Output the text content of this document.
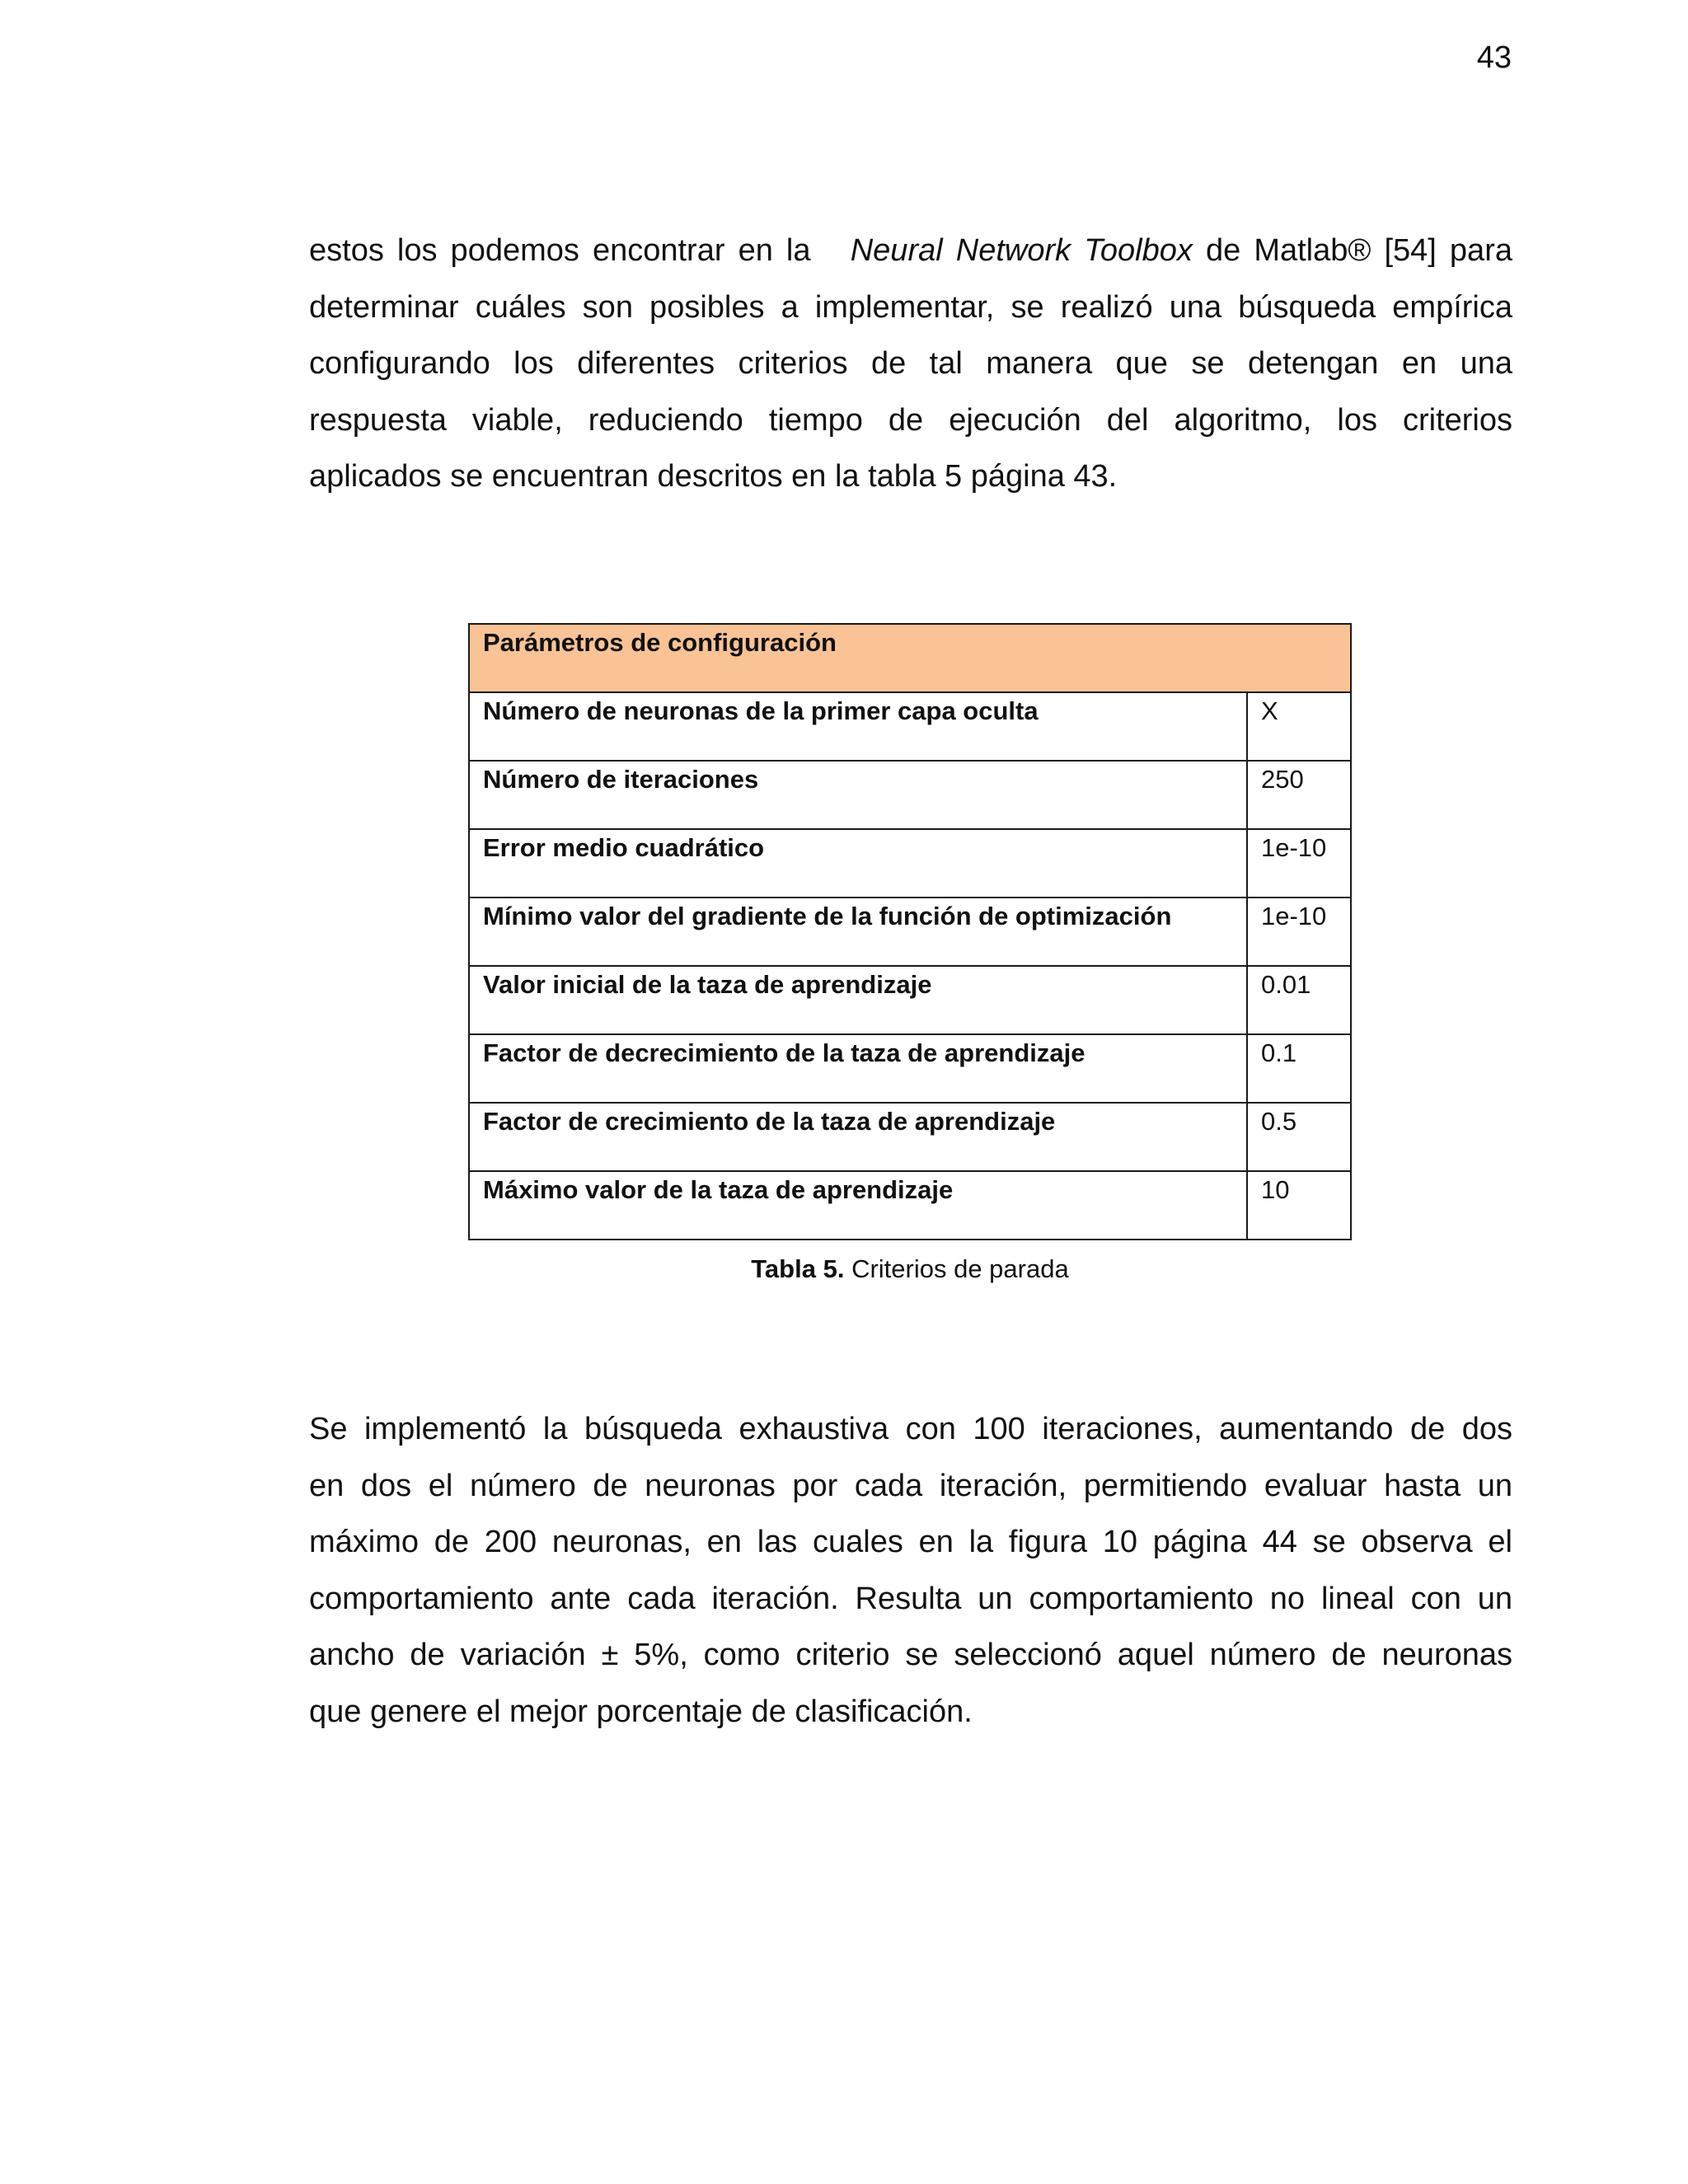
43
estos los podemos encontrar en la Neural Network Toolbox de Matlab® [54] para
determinar cuáles son posibles a implementar, se realizó una búsqueda empírica
configurando los diferentes criterios de tal manera que se detengan en una
respuesta viable, reduciendo tiempo de ejecución del algoritmo, los criterios
aplicados se encuentran descritos en la tabla 5 página 43.
Parámetros de configuración	

Número de neuronas de la primer capa oculta	X

Número de iteraciones	250

Error medio cuadrático	1e-10

Mínimo valor del gradiente de la función de optimización	1e-10

Valor inicial de la taza de aprendizaje	0.01

Factor de decrecimiento de la taza de aprendizaje	0.1

Factor de crecimiento de la taza de aprendizaje	0.5

Máximo valor de la taza de aprendizaje	10
Tabla 5. Criterios de parada
Se implementó la búsqueda exhaustiva con 100 iteraciones, aumentando de dos
en dos el número de neuronas por cada iteración, permitiendo evaluar hasta un
máximo de 200 neuronas, en las cuales en la figura 10 página 44 se observa el
comportamiento ante cada iteración. Resulta un comportamiento no lineal con un
ancho de variación ± 5%, como criterio se seleccionó aquel número de neuronas
que genere el mejor porcentaje de clasificación.
